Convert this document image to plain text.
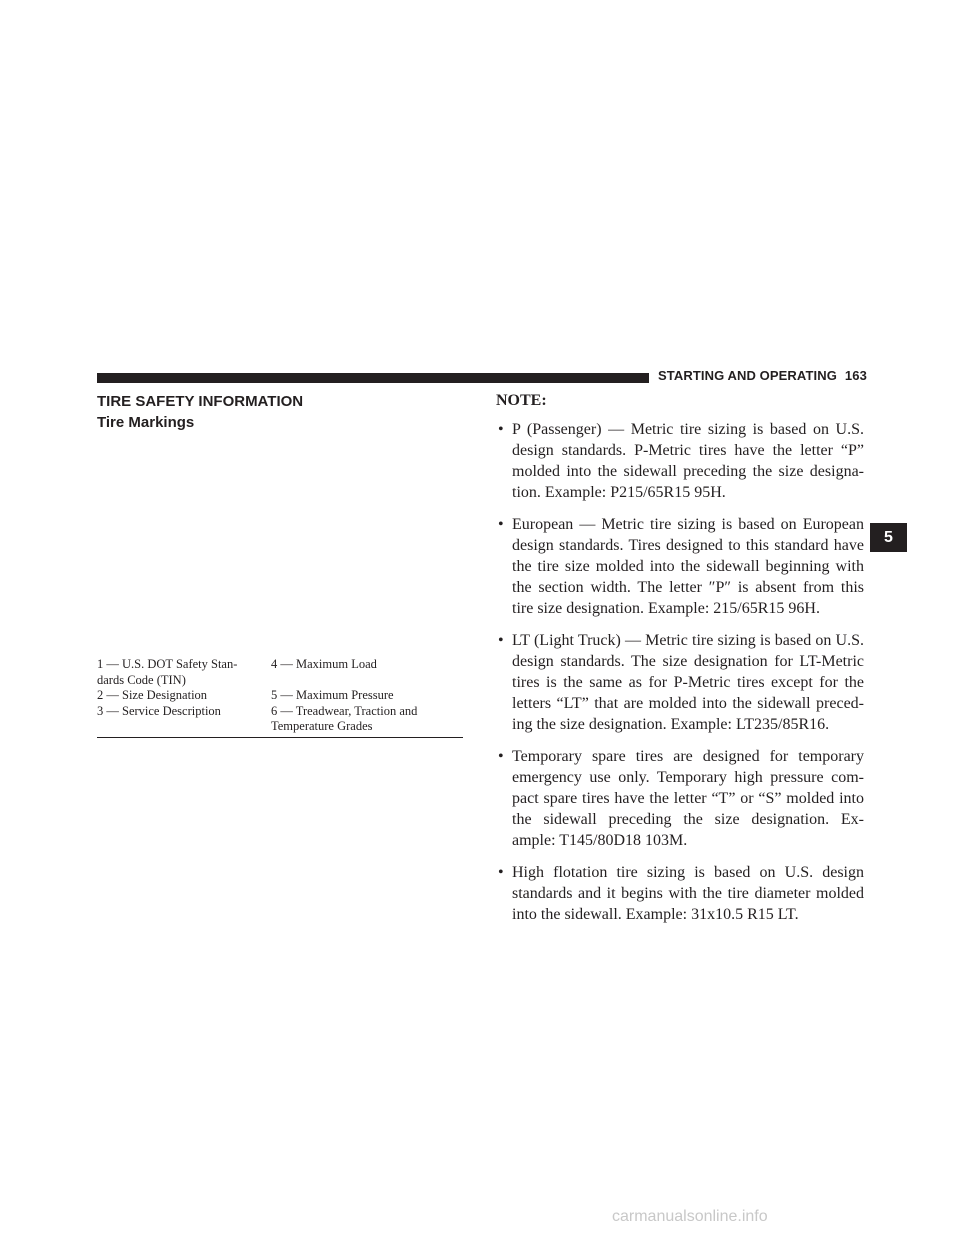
STARTING AND OPERATING 163
TIRE SAFETY INFORMATION
Tire Markings
1 — U.S. DOT Safety Stan- dards Code (TIN)
4 — Maximum Load
2 — Size Designation	5 — Maximum Pressure
3 — Service Description	6 — Treadwear, Traction and Temperature Grades
NOTE:
• P (Passenger) — Metric tire sizing is based on U.S. design standards. P-Metric tires have the letter “P” molded into the sidewall preceding the size designa- tion. Example: P215/65R15 95H.
• European — Metric tire sizing is based on European design standards. Tires designed to this standard have the tire size molded into the sidewall beginning with the section width. The letter ″P″ is absent from this tire size designation. Example: 215/65R15 96H.
• LT (Light Truck) — Metric tire sizing is based on U.S. design standards. The size designation for LT-Metric tires is the same as for P-Metric tires except for the letters “LT” that are molded into the sidewall preced- ing the size designation. Example: LT235/85R16.
• Temporary spare tires are designed for temporary emergency use only. Temporary high pressure com- pact spare tires have the letter “T” or “S” molded into the sidewall preceding the size designation. Ex- ample: T145/80D18 103M.
• High flotation tire sizing is based on U.S. design standards and it begins with the tire diameter molded into the sidewall. Example: 31x10.5 R15 LT.
5
carmanualsonline.info
